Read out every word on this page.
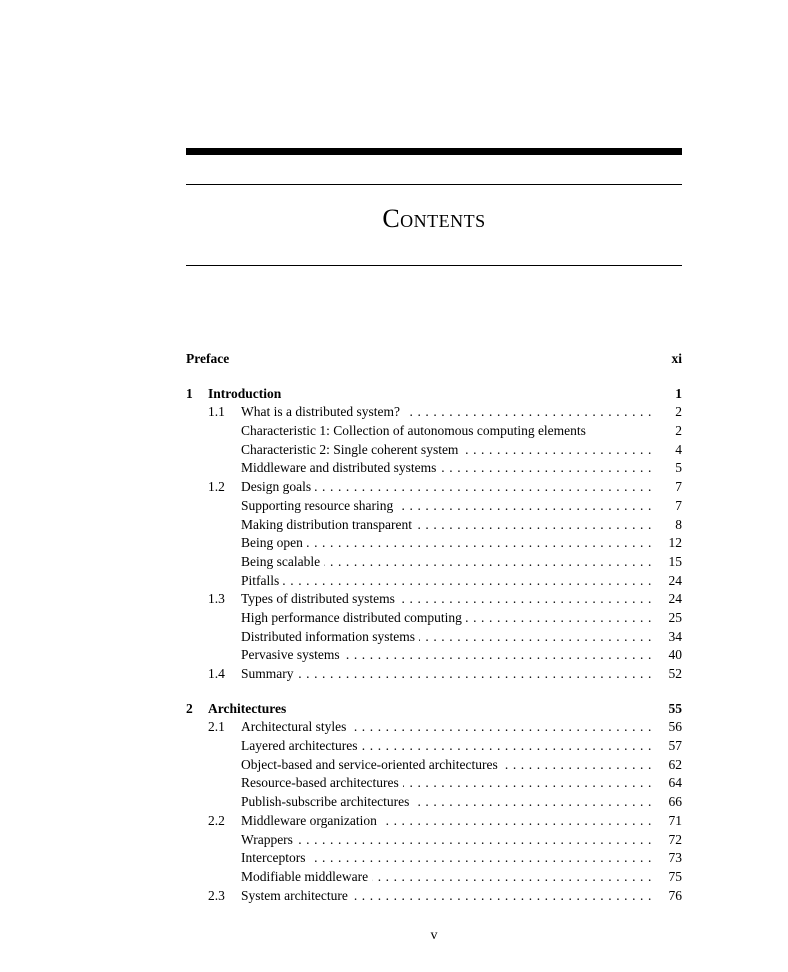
Contents
Preface	xi
1 Introduction	1
1.1 What is a distributed system? . . .	2
Characteristic 1: Collection of autonomous computing elements	2
Characteristic 2: Single coherent system . . .	4
Middleware and distributed systems . . .	5
1.2 Design goals . . .	7
Supporting resource sharing . . .	7
Making distribution transparent . . .	8
Being open . . .	12
Being scalable . . .	15
Pitfalls . . .	24
1.3 Types of distributed systems . . .	24
High performance distributed computing . . .	25
Distributed information systems . . .	34
Pervasive systems . . .	40
1.4 Summary . . .	52
2 Architectures	55
2.1 Architectural styles . . .	56
Layered architectures . . .	57
Object-based and service-oriented architectures . . .	62
Resource-based architectures . . .	64
Publish-subscribe architectures . . .	66
2.2 Middleware organization . . .	71
Wrappers . . .	72
Interceptors . . .	73
Modifiable middleware . . .	75
2.3 System architecture . . .	76
v
